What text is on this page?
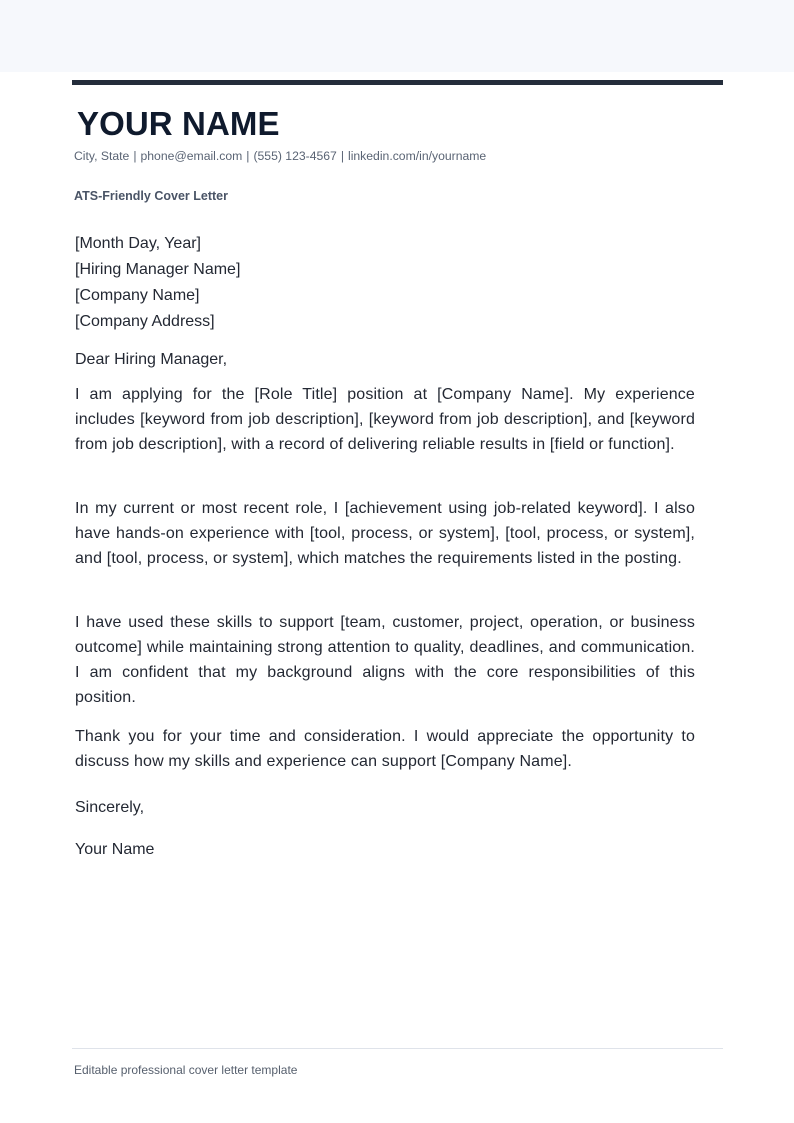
YOUR NAME
City, State | phone@email.com | (555) 123-4567 | linkedin.com/in/yourname
ATS-Friendly Cover Letter
[Month Day, Year]
[Hiring Manager Name]
[Company Name]
[Company Address]
Dear Hiring Manager,
I am applying for the [Role Title] position at [Company Name]. My experience includes [keyword from job description], [keyword from job description], and [keyword from job description], with a record of delivering reliable results in [field or function].
In my current or most recent role, I [achievement using job-related keyword]. I also have hands-on experience with [tool, process, or system], [tool, process, or system], and [tool, process, or system], which matches the requirements listed in the posting.
I have used these skills to support [team, customer, project, operation, or business outcome] while maintaining strong attention to quality, deadlines, and communication. I am confident that my background aligns with the core responsibilities of this position.
Thank you for your time and consideration. I would appreciate the opportunity to discuss how my skills and experience can support [Company Name].
Sincerely,
Your Name
Editable professional cover letter template
